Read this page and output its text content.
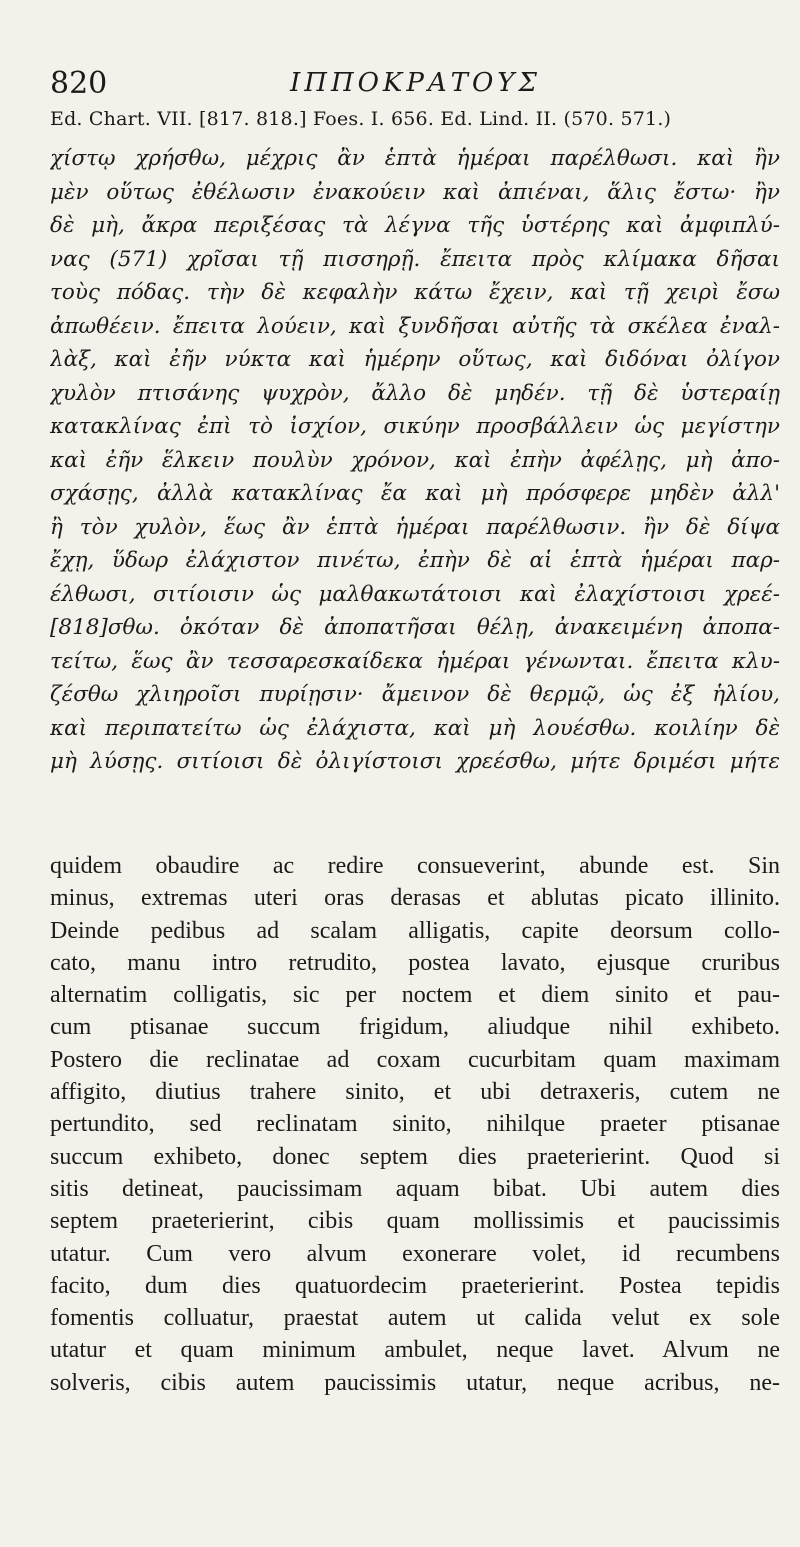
820	ΙΠΠΟΚΡΑΤΟΥΣ
Ed. Chart. VII. [817. 818.] Foes. I. 656. Ed. Lind. II. (570. 571.)
χίστῳ χρήσθω, μέχρις ἂν ἑπτὰ ἡμέραι παρέλθωσι. καὶ ἢν
μὲν οὕτως ἐθέλωσιν ἐνακούειν καὶ ἀπιέναι, ἅλις ἔστω· ἢν
δὲ μὴ, ἄκρα περιξέσας τὰ λέγνα τῆς ὑστέρης καὶ ἀμφιπλύ-
νας (571) χρῖσαι τῇ πισσηρῇ. ἔπειτα πρὸς κλίμακα δῆσαι
τοὺς πόδας. τὴν δὲ κεφαλὴν κάτω ἔχειν, καὶ τῇ χειρὶ ἔσω
ἀπωθέειν. ἔπειτα λούειν, καὶ ξυνδῆσαι αὐτῆς τὰ σκέλεα ἐναλ-
λὰξ, καὶ ἐῆν νύκτα καὶ ἡμέρην οὕτως, καὶ διδόναι ὀλίγον
χυλὸν πτισάνης ψυχρὸν, ἄλλο δὲ μηδέν. τῇ δὲ ὑστεραίῃ
κατακλίνας ἐπὶ τὸ ἰσχίον, σικύην προσβάλλειν ὡς μεγίστην
καὶ ἐῆν ἕλκειν πουλὺν χρόνον, καὶ ἐπὴν ἀφέλῃς, μὴ ἀπο-
σχάσῃς, ἀλλὰ κατακλίνας ἔα καὶ μὴ πρόσφερε μηδὲν ἀλλ'
ἢ τὸν χυλὸν, ἕως ἂν ἑπτὰ ἡμέραι παρέλθωσιν. ἢν δὲ δίψα
ἔχῃ, ὕδωρ ἐλάχιστον πινέτω, ἐπὴν δὲ αἱ ἑπτὰ ἡμέραι παρ-
έλθωσι, σιτίοισιν ὡς μαλθακωτάτοισι καὶ ἐλαχίστοισι χρεέ-
[818]σθω. ὁκόταν δὲ ἀποπατῆσαι θέλῃ, ἀνακειμένη ἀποπα-
τείτω, ἕως ἂν τεσσαρεσκαίδεκα ἡμέραι γένωνται. ἔπειτα κλυ-
ζέσθω χλιηροῖσι πυρίῃσιν· ἄμεινον δὲ θερμῷ, ὡς ἐξ ἡλίου,
καὶ περιπατείτω ὡς ἐλάχιστα, καὶ μὴ λουέσθω. κοιλίην δὲ
μὴ λύσῃς. σιτίοισι δὲ ὀλιγίστοισι χρεέσθω, μήτε δριμέσι μήτε
quidem obaudire ac redire consueverint, abunde est. Sin
minus, extremas uteri oras derasas et ablutas picato illinito.
Deinde pedibus ad scalam alligatis, capite deorsum collo-
cato, manu intro retrudito, postea lavato, ejusque cruribus
alternatim colligatis, sic per noctem et diem sinito et pau-
cum ptisanae succum frigidum, aliudque nihil exhibeto.
Postero die reclinatae ad coxam cucurbitam quam maximam
affigito, diutius trahere sinito, et ubi detraxeris, cutem ne
pertundito, sed reclinatam sinito, nihilque praeter ptisanae
succum exhibeto, donec septem dies praeterierint. Quod si
sitis detineat, paucissimam aquam bibat. Ubi autem dies
septem praeterierint, cibis quam mollissimis et paucissimis
utatur. Cum vero alvum exonerare volet, id recumbens
facito, dum dies quatuordecim praeterierint. Postea tepidis
fomentis colluatur, praestat autem ut calida velut ex sole
utatur et quam minimum ambulet, neque lavet. Alvum ne
solveris, cibis autem paucissimis utatur, neque acribus, ne-
